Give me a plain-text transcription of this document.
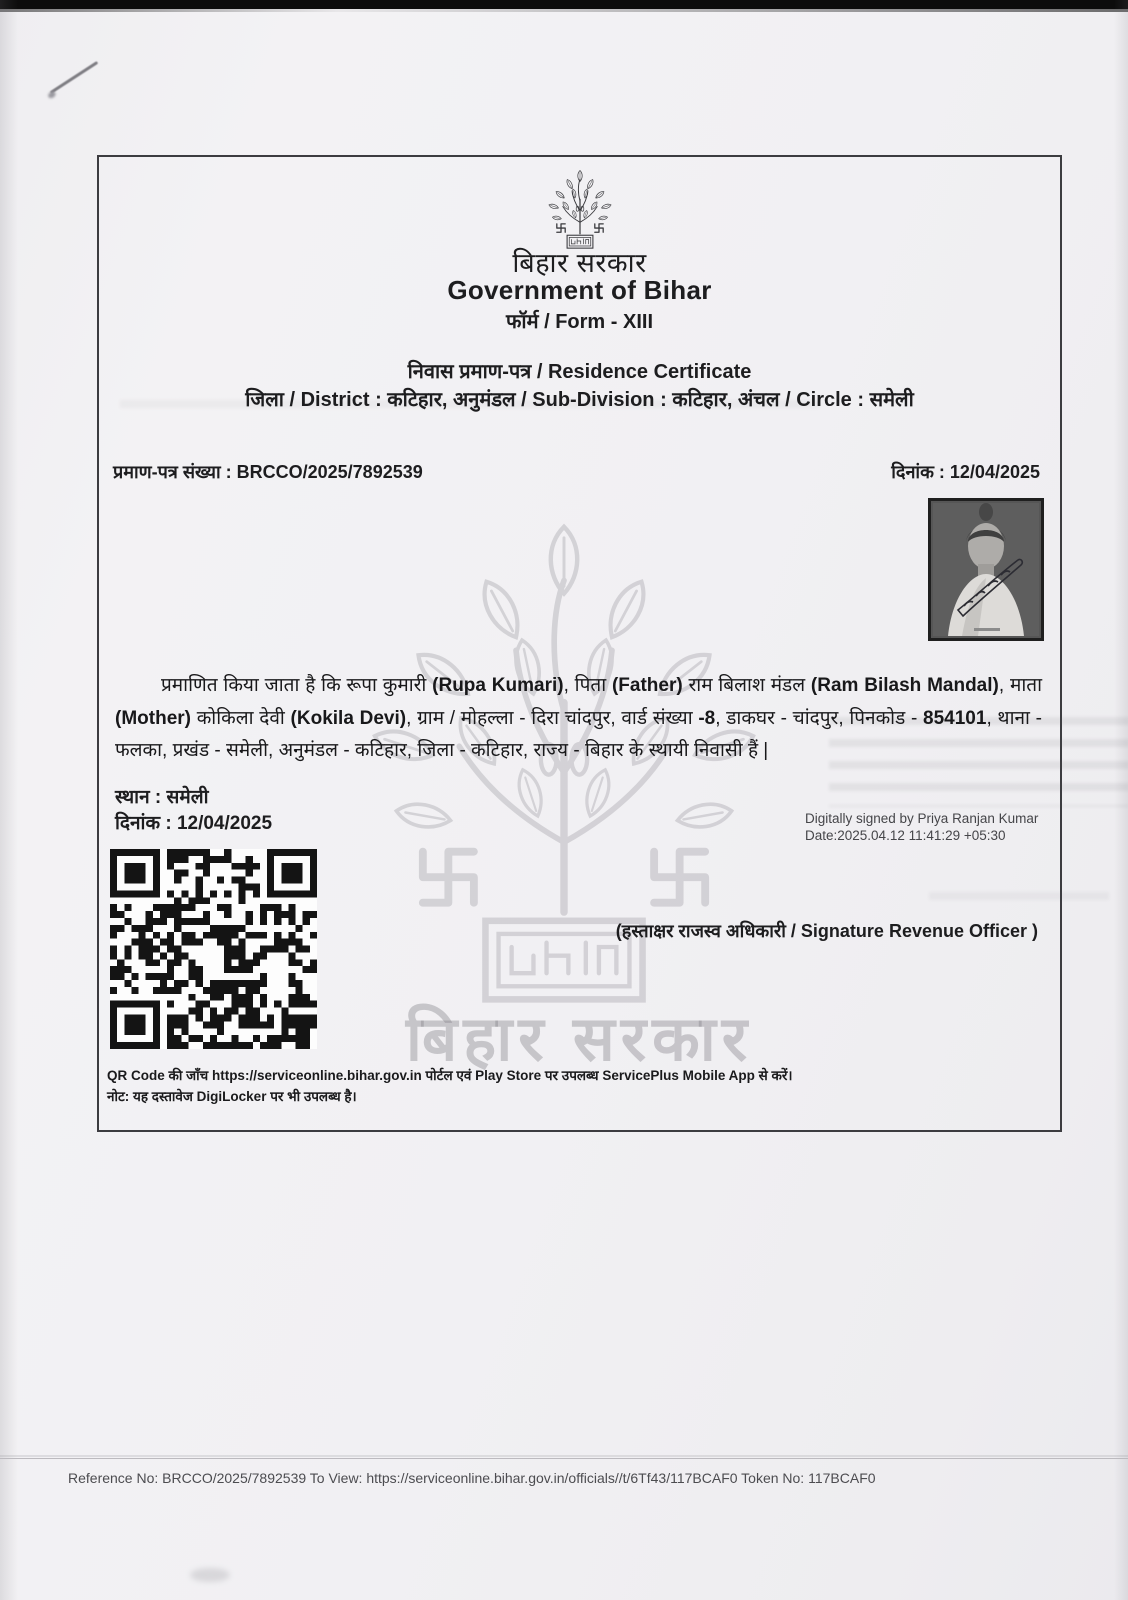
बिहार सरकार
बिहार सरकार
Government of Bihar
फॉर्म / Form - XIII
निवास प्रमाण-पत्र / Residence Certificate
जिला / District : कटिहार, अनुमंडल / Sub-Division : कटिहार, अंचल / Circle : समेली
प्रमाण-पत्र संख्या : BRCCO/2025/7892539	दिनांक : 12/04/2025
प्रमाणित किया जाता है कि रूपा कुमारी (Rupa Kumari), पिता (Father) राम बिलाश मंडल (Ram Bilash Mandal), माता (Mother) कोकिला देवी (Kokila Devi), ग्राम / मोहल्ला - दिरा चांदपुर, वार्ड संख्या -8, डाकघर - चांदपुर, पिनकोड - 854101, थाना - फलका, प्रखंड - समेली, अनुमंडल - कटिहार, जिला - कटिहार, राज्य - बिहार के स्थायी निवासी हैं |
स्थान : समेली
दिनांक : 12/04/2025	Digitally signed by Priya Ranjan Kumar
Date:2025.04.12 11:41:29 +05:30
(हस्ताक्षर राजस्व अधिकारी / Signature Revenue Officer )
QR Code की जाँच https://serviceonline.bihar.gov.in पोर्टल एवं Play Store पर उपलब्ध ServicePlus Mobile App से करें।
नोट: यह दस्तावेज DigiLocker पर भी उपलब्ध है।
Reference No: BRCCO/2025/7892539 To View: https://serviceonline.bihar.gov.in/officials//t/6Tf43/117BCAF0 Token No: 117BCAF0
